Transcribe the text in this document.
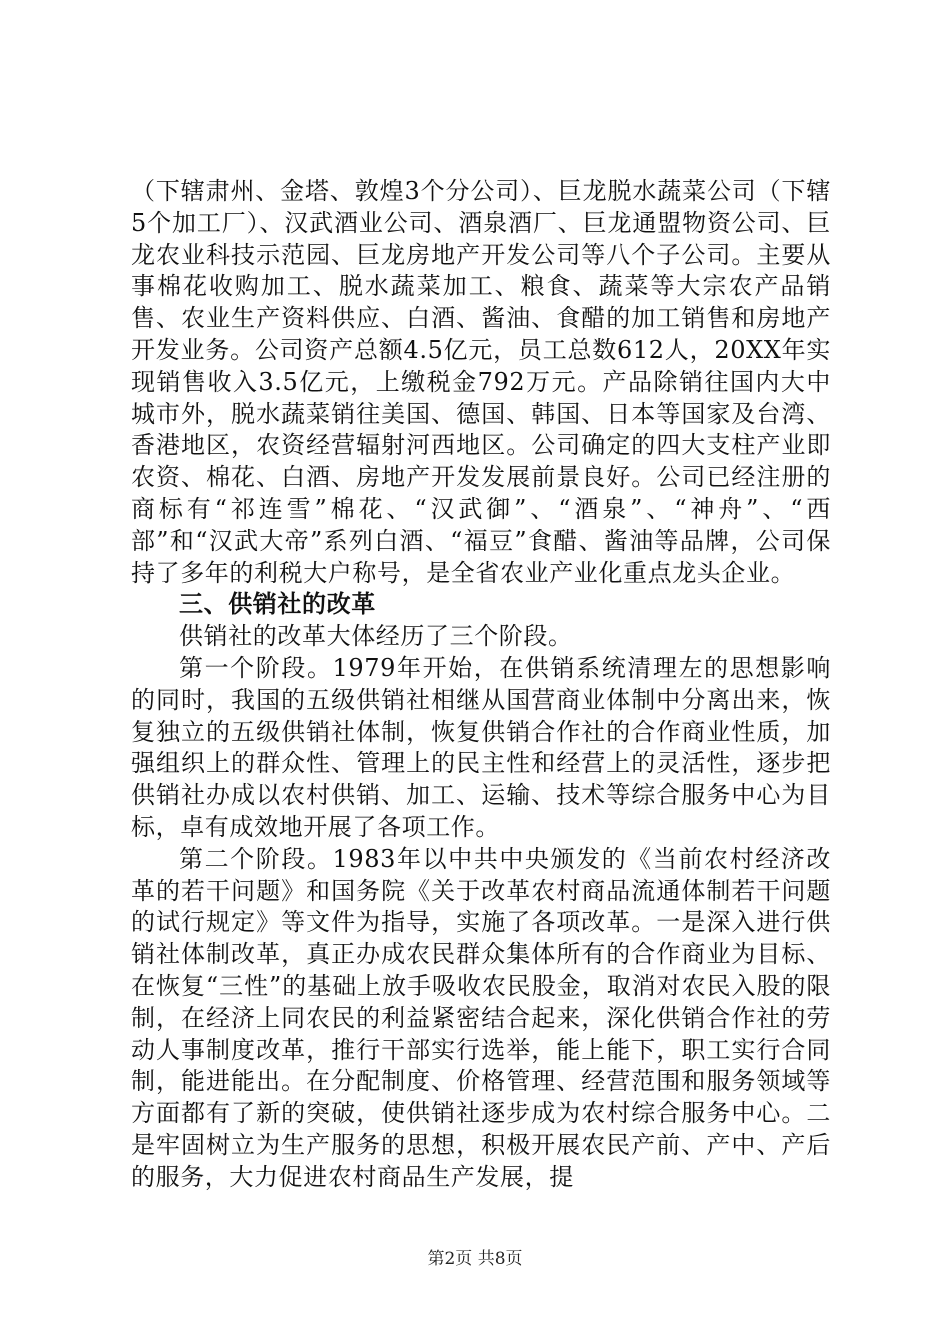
（下辖肃州、金塔、敦煌3个分公司）、巨龙脱水蔬菜公司（下辖5个加工厂）、汉武酒业公司、酒泉酒厂、巨龙通盟物资公司、巨龙农业科技示范园、巨龙房地产开发公司等八个子公司。主要从事棉花收购加工、脱水蔬菜加工、粮食、蔬菜等大宗农产品销售、农业生产资料供应、白酒、酱油、食醋的加工销售和房地产开发业务。公司资产总额4.5亿元，员工总数612人，20XX年实现销售收入3.5亿元，上缴税金792万元。产品除销往国内大中城市外，脱水蔬菜销往美国、德国、韩国、日本等国家及台湾、香港地区，农资经营辐射河西地区。公司确定的四大支柱产业即农资、棉花、白酒、房地产开发发展前景良好。公司已经注册的商标有“祁连雪”棉花、“汉武御”、“酒泉”、“神舟”、“西部”和“汉武大帝”系列白酒、“福豆”食醋、酱油等品牌，公司保持了多年的利税大户称号，是全省农业产业化重点龙头企业。

三、供销社的改革

供销社的改革大体经历了三个阶段。

第一个阶段。1979年开始，在供销系统清理左的思想影响的同时，我国的五级供销社相继从国营商业体制中分离出来，恢复独立的五级供销社体制，恢复供销合作社的合作商业性质，加强组织上的群众性、管理上的民主性和经营上的灵活性，逐步把供销社办成以农村供销、加工、运输、技术等综合服务中心为目标，卓有成效地开展了各项工作。

第二个阶段。1983年以中共中央颁发的《当前农村经济改革的若干问题》和国务院《关于改革农村商品流通体制若干问题的试行规定》等文件为指导，实施了各项改革。一是深入进行供销社体制改革，真正办成农民群众集体所有的合作商业为目标、在恢复“三性”的基础上放手吸收农民股金，取消对农民入股的限制，在经济上同农民的利益紧密结合起来，深化供销合作社的劳动人事制度改革，推行干部实行选举，能上能下，职工实行合同制，能进能出。在分配制度、价格管理、经营范围和服务领域等方面都有了新的突破，使供销社逐步成为农村综合服务中心。二是牢固树立为生产服务的思想，积极开展农民产前、产中、产后的服务，大力促进农村商品生产发展，提

第2页 共8页
